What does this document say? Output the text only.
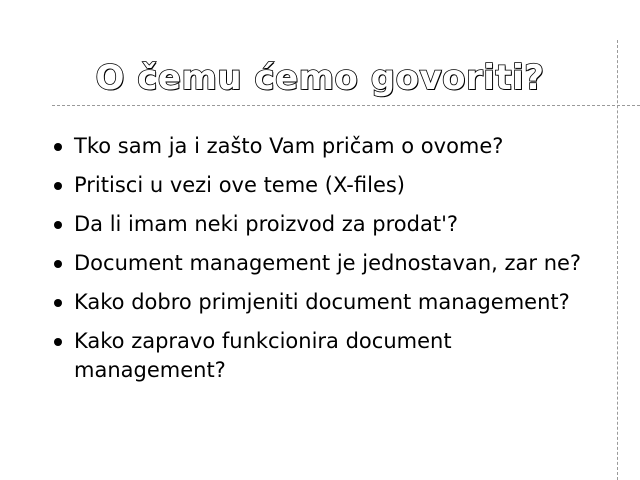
O čemu ćemo govoriti?
Tko sam ja i zašto Vam pričam o ovome?
Pritisci u vezi ove teme (X-files)
Da li imam neki proizvod za prodat'?
Document management je jednostavan, zar ne?
Kako dobro primjeniti document management?
Kako zapravo funkcionira document management?
